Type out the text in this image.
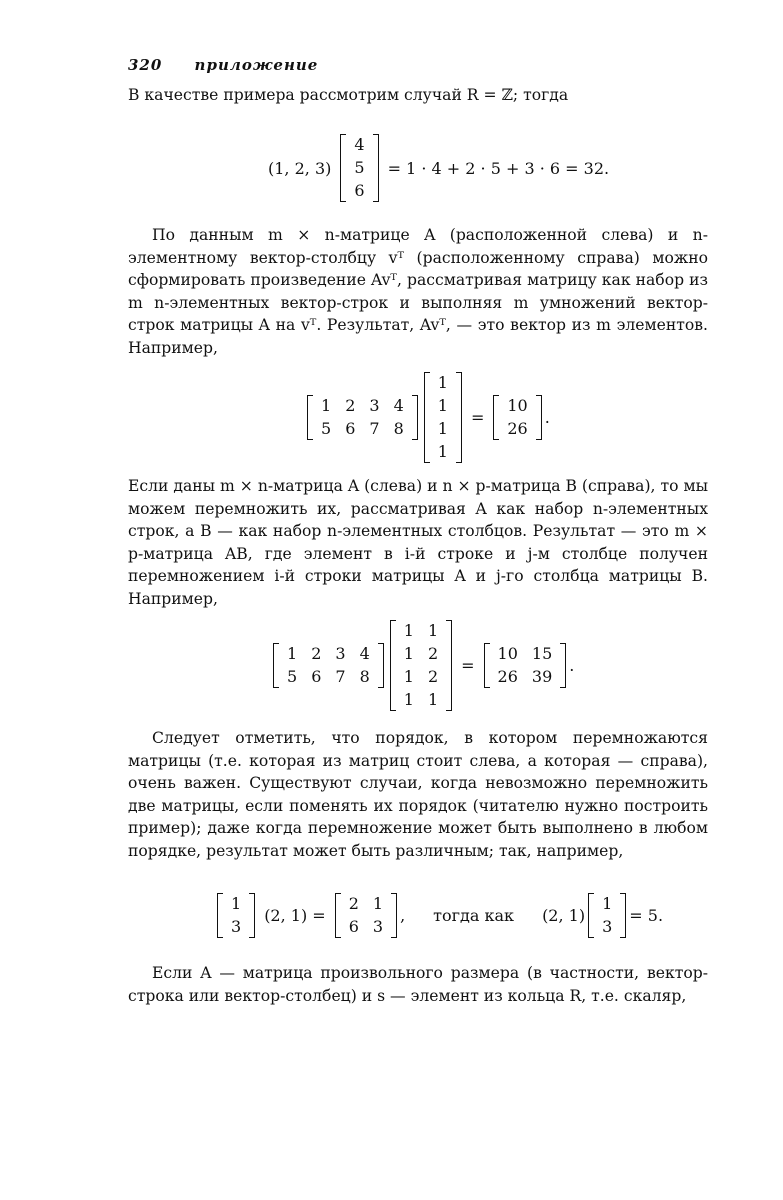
320 приложение

В качестве примера рассмотрим случай R = ℤ; тогда

(1, 2, 3)
4
5
6
= 1 · 4 + 2 · 5 + 3 · 6 = 32.

По данным m × n-матрице A (расположенной слева) и n-элементному вектор-столбцу vᵀ (расположенному справа) можно сформировать произведение Avᵀ, рассматривая матрицу как набор из m n-элементных вектор-строк и выполняя m умножений вектор-строк матрицы A на vᵀ. Результат, Avᵀ, — это вектор из m элементов. Например,

1 2 3 4
5 6 7 8
1
1
1
1
=
10
26
.

Если даны m × n-матрица A (слева) и n × p-матрица B (справа), то мы можем перемножить их, рассматривая A как набор n-элементных строк, а B — как набор n-элементных столбцов. Результат — это m × p-матрица AB, где элемент в i-й строке и j-м столбце получен перемножением i-й строки матрицы A и j-го столбца матрицы B. Например,

1 2 3 4
5 6 7 8
1 1
1 2
1 2
1 1
=
10 15
26 39
.

Следует отметить, что порядок, в котором перемножаются матрицы (т.е. которая из матриц стоит слева, а которая — справа), очень важен. Существуют случаи, когда невозможно перемножить две матрицы, если поменять их порядок (читателю нужно построить пример); даже когда перемножение может быть выполнено в любом порядке, результат может быть различным; так, например,

1
3
(2, 1) =
2 1
6 3
, тогда как (2, 1)
1
3
= 5.

Если A — матрица произвольного размера (в частности, вектор-строка или вектор-столбец) и s — элемент из кольца R, т.е. скаляр,
